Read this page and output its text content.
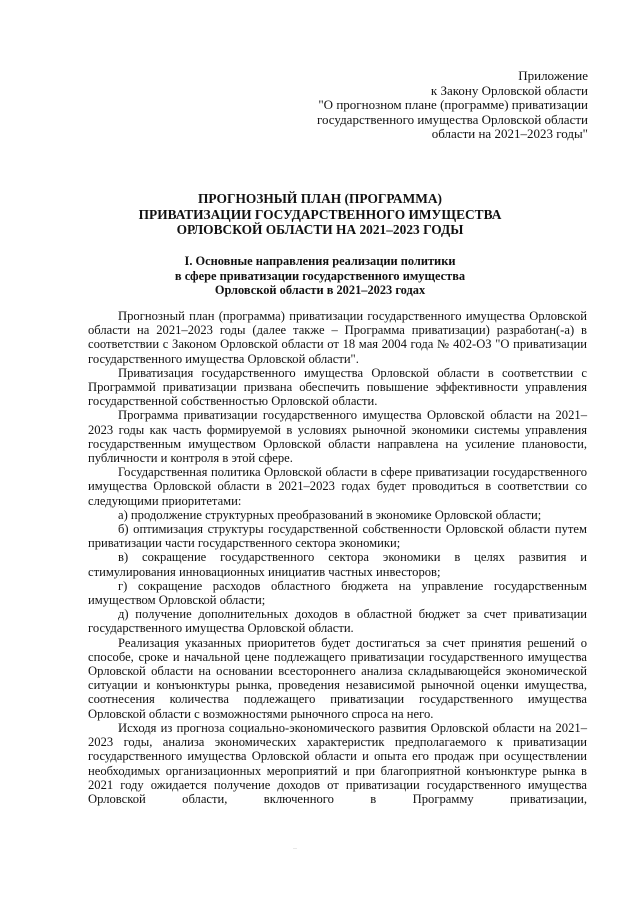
Приложение
к Закону Орловской области
"О прогнозном плане (программе) приватизации
государственного имущества Орловской области
области на 2021–2023 годы"
ПРОГНОЗНЫЙ ПЛАН (ПРОГРАММА)
ПРИВАТИЗАЦИИ ГОСУДАРСТВЕННОГО ИМУЩЕСТВА
ОРЛОВСКОЙ ОБЛАСТИ НА 2021–2023 ГОДЫ
I. Основные направления реализации политики
в сфере приватизации государственного имущества
Орловской области в 2021–2023 годах

Прогнозный план (программа) приватизации государственного имущества Орловской области на 2021–2023 годы (далее также – Программа приватизации) разработан(-а) в соответствии с Законом Орловской области от 18 мая 2004 года № 402-ОЗ "О приватизации государственного имущества Орловской области".

Приватизация государственного имущества Орловской области в соответствии с Программой приватизации призвана обеспечить повышение эффективности управления государственной собственностью Орловской области.

Программа приватизации государственного имущества Орловской области на 2021–2023 годы как часть формируемой в условиях рыночной экономики системы управления государственным имуществом Орловской области направлена на усиление плановости, публичности и контроля в этой сфере.

Государственная политика Орловской области в сфере приватизации государственного имущества Орловской области в 2021–2023 годах будет проводиться в соответствии со следующими приоритетами:

а) продолжение структурных преобразований в экономике Орловской области;

б) оптимизация структуры государственной собственности Орловской области путем приватизации части государственного сектора экономики;

в) сокращение государственного сектора экономики в целях развития и стимулирования инновационных инициатив частных инвесторов;

г) сокращение расходов областного бюджета на управление государственным имуществом Орловской области;

д) получение дополнительных доходов в областной бюджет за счет приватизации государственного имущества Орловской области.

Реализация указанных приоритетов будет достигаться за счет принятия решений о способе, сроке и начальной цене подлежащего приватизации государственного имущества Орловской области на основании всестороннего анализа складывающейся экономической ситуации и конъюнктуры рынка, проведения независимой рыночной оценки имущества, соотнесения количества подлежащего приватизации государственного имущества Орловской области с возможностями рыночного спроса на него.

Исходя из прогноза социально-экономического развития Орловской области на 2021–2023 годы, анализа экономических характеристик предполагаемого к приватизации государственного имущества Орловской области и опыта его продаж при осуществлении необходимых организационных мероприятий и при благоприятной конъюнктуре рынка в 2021 году ожидается получение доходов от приватизации государственного имущества Орловской области, включенного в Программу приватизации,
